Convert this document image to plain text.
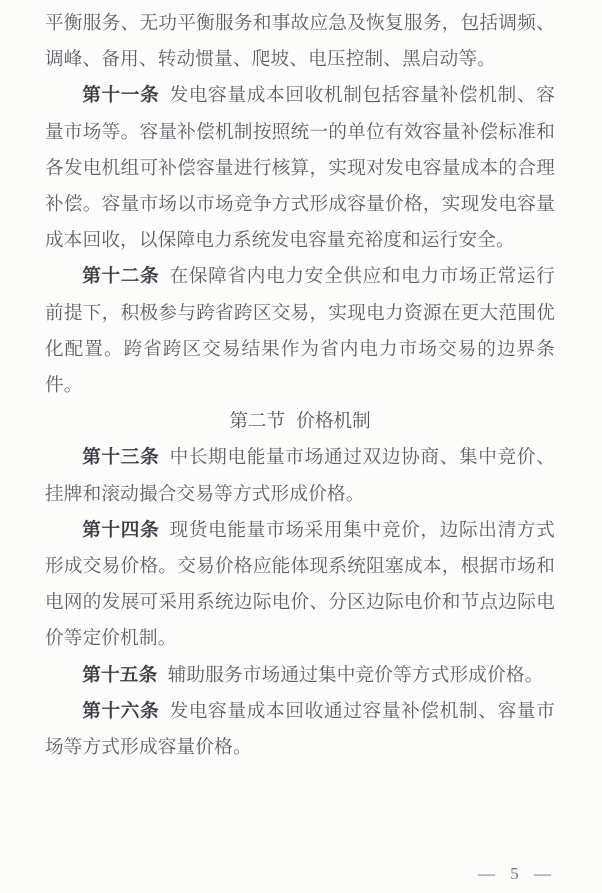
平衡服务、无功平衡服务和事故应急及恢复服务，包括调频、调峰、备用、转动惯量、爬坡、电压控制、黑启动等。

第十一条 发电容量成本回收机制包括容量补偿机制、容量市场等。容量补偿机制按照统一的单位有效容量补偿标准和各发电机组可补偿容量进行核算，实现对发电容量成本的合理补偿。容量市场以市场竞争方式形成容量价格，实现发电容量成本回收，以保障电力系统发电容量充裕度和运行安全。

第十二条 在保障省内电力安全供应和电力市场正常运行前提下，积极参与跨省跨区交易，实现电力资源在更大范围优化配置。跨省跨区交易结果作为省内电力市场交易的边界条件。

第二节 价格机制

第十三条 中长期电能量市场通过双边协商、集中竞价、挂牌和滚动撮合交易等方式形成价格。

第十四条 现货电能量市场采用集中竞价，边际出清方式形成交易价格。交易价格应能体现系统阻塞成本，根据市场和电网的发展可采用系统边际电价、分区边际电价和节点边际电价等定价机制。

第十五条 辅助服务市场通过集中竞价等方式形成价格。

第十六条 发电容量成本回收通过容量补偿机制、容量市场等方式形成容量价格。

— 5 —
